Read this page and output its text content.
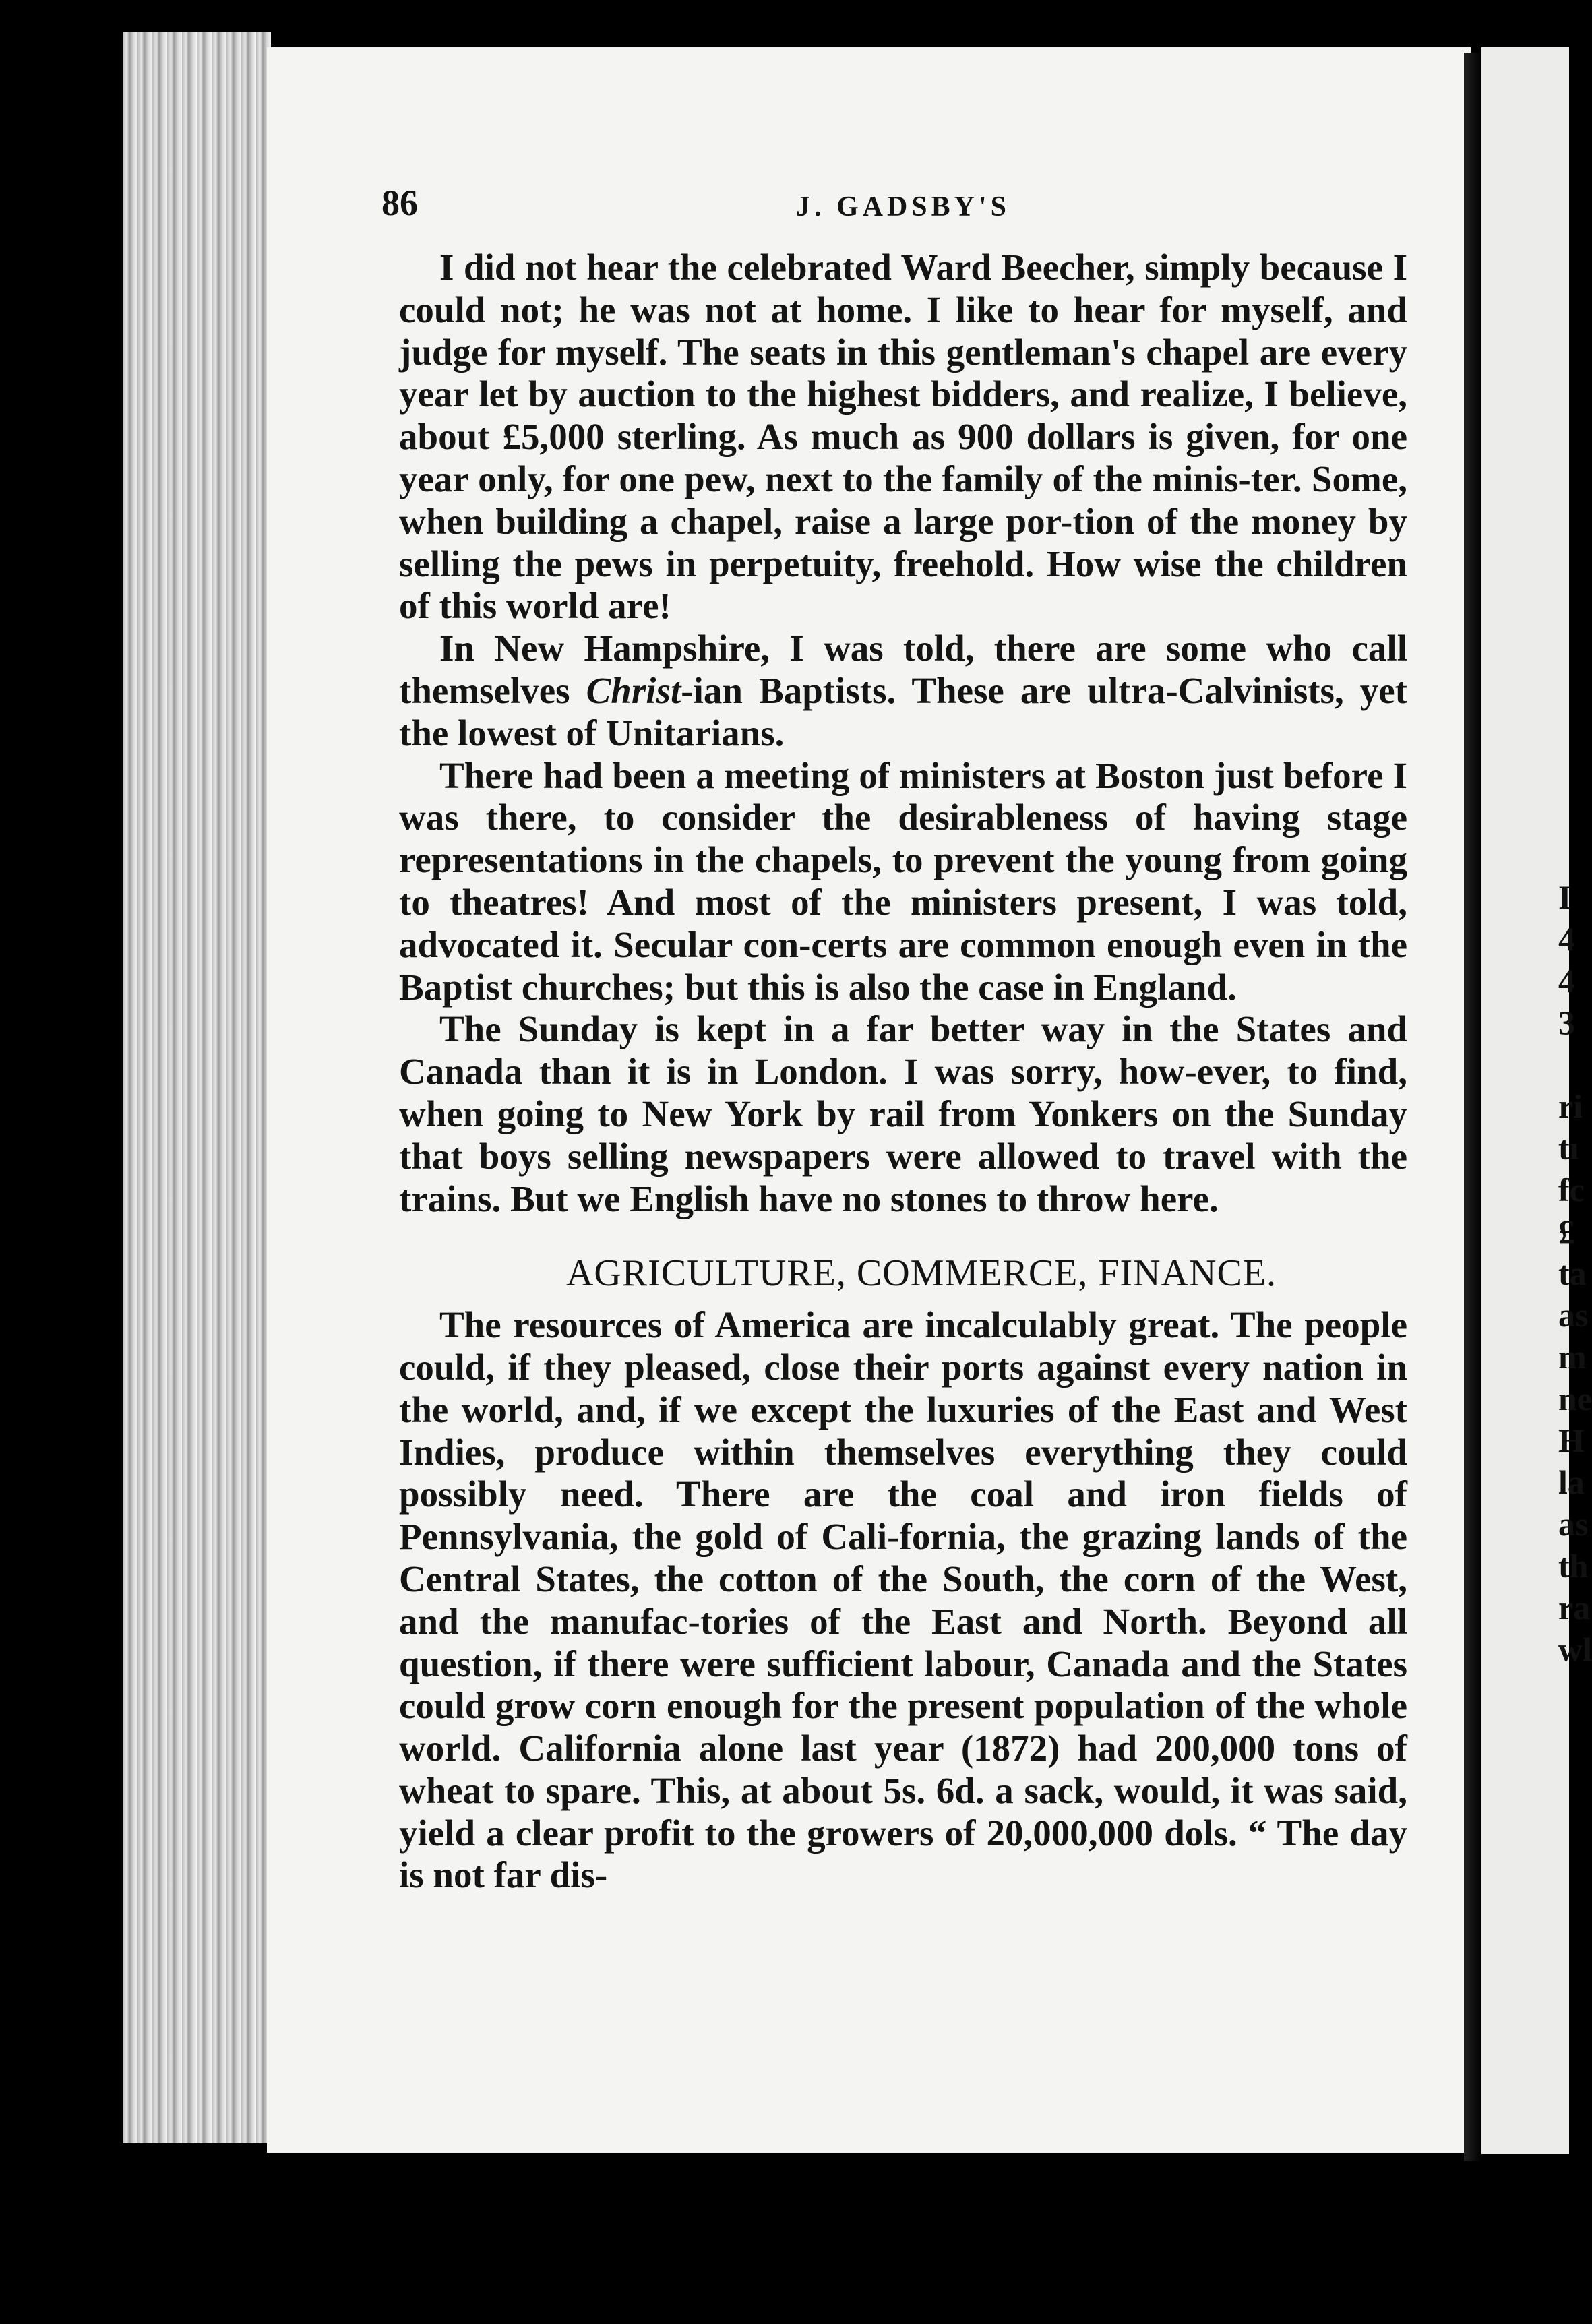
I
4
4
3
ri
tı
fc
£
ta
as
m
ne
H
la
as
th
ra
wl
86	J. GADSBY'S

I did not hear the celebrated Ward Beecher, simply because I could not; he was not at home. I like to hear for myself, and judge for myself. The seats in this gentleman's chapel are every year let by auction to the highest bidders, and realize, I believe, about £5,000 sterling. As much as 900 dollars is given, for one year only, for one pew, next to the family of the minis-ter. Some, when building a chapel, raise a large por-tion of the money by selling the pews in perpetuity, freehold. How wise the children of this world are!

In New Hampshire, I was told, there are some who call themselves Christ-ian Baptists. These are ultra-Calvinists, yet the lowest of Unitarians.

There had been a meeting of ministers at Boston just before I was there, to consider the desirableness of having stage representations in the chapels, to prevent the young from going to theatres! And most of the ministers present, I was told, advocated it. Secular con-certs are common enough even in the Baptist churches; but this is also the case in England.

The Sunday is kept in a far better way in the States and Canada than it is in London. I was sorry, how-ever, to find, when going to New York by rail from Yonkers on the Sunday that boys selling newspapers were allowed to travel with the trains. But we English have no stones to throw here.

AGRICULTURE, COMMERCE, FINANCE.

The resources of America are incalculably great. The people could, if they pleased, close their ports against every nation in the world, and, if we except the luxuries of the East and West Indies, produce within themselves everything they could possibly need. There are the coal and iron fields of Pennsylvania, the gold of Cali-fornia, the grazing lands of the Central States, the cotton of the South, the corn of the West, and the manufac-tories of the East and North. Beyond all question, if there were sufficient labour, Canada and the States could grow corn enough for the present population of the whole world. California alone last year (1872) had 200,000 tons of wheat to spare. This, at about 5s. 6d. a sack, would, it was said, yield a clear profit to the growers of 20,000,000 dols. “ The day is not far dis-
